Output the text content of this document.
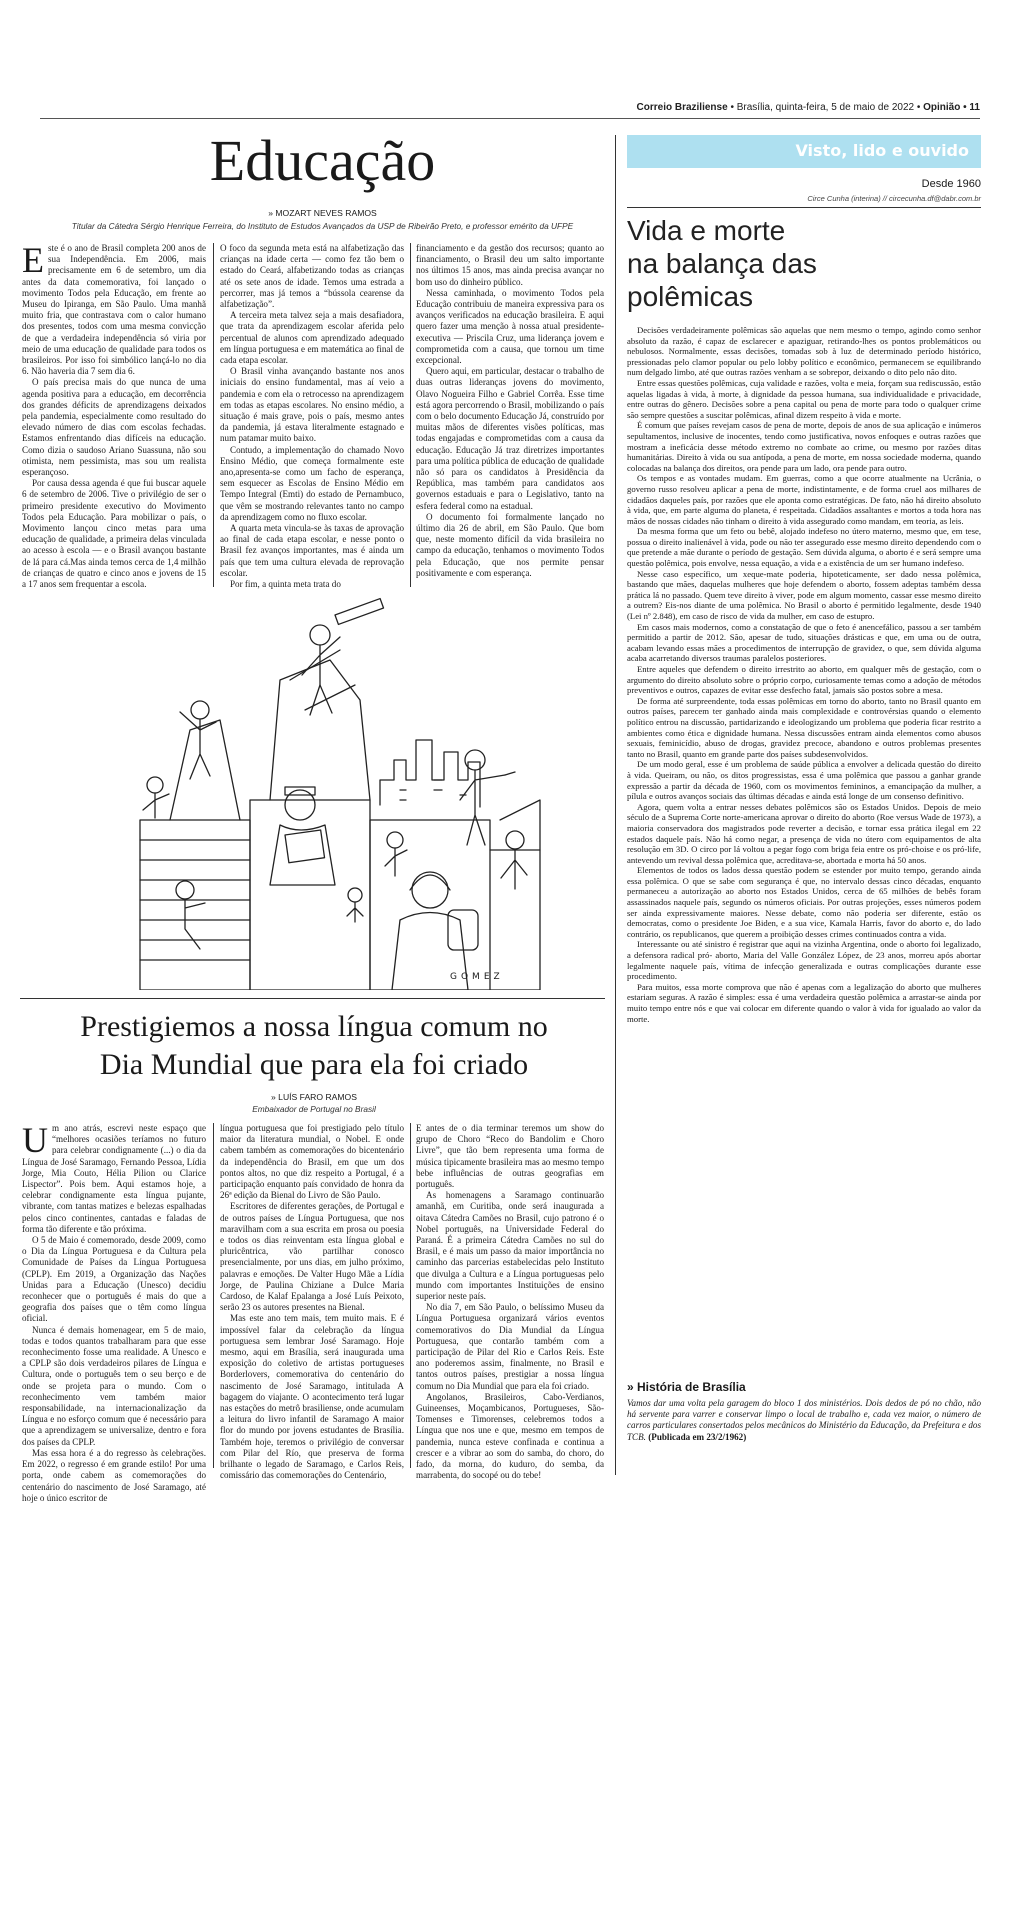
Correio Braziliense • Brasília, quinta-feira, 5 de maio de 2022 • Opinião • 11
Educação
» MOZART NEVES RAMOS
Titular da Cátedra Sérgio Henrique Ferreira, do Instituto de Estudos Avançados da USP de Ribeirão Preto, e professor emérito da UFPE
E ste é o ano de Brasil completa 200 anos de sua Independência. Em 2006, mais precisamente em 6 de setembro, um dia antes da data comemorativa, foi lançado o movimento Todos pela Educação, em frente ao Museu do Ipiranga, em São Paulo. Uma manhã muito fria, que contrastava com o calor humano dos presentes, todos com uma mesma convicção de que a verdadeira independência só viria por meio de uma educação de qualidade para todos os brasileiros. Por isso foi simbólico lançá-lo no dia 6. Não haveria dia 7 sem dia 6.

O país precisa mais do que nunca de uma agenda positiva para a educação, em decorrência dos grandes déficits de aprendizagens deixados pela pandemia, especialmente como resultado do elevado número de dias com escolas fechadas. Estamos enfrentando dias difíceis na educação. Como dizia o saudoso Ariano Suassuna, não sou otimista, nem pessimista, mas sou um realista esperançoso.

Por causa dessa agenda é que fui buscar aquele 6 de setembro de 2006. Tive o privilégio de ser o primeiro presidente executivo do Movimento Todos pela Educação. Para mobilizar o país, o Movimento lançou cinco metas para uma educação de qualidade, a primeira delas vinculada ao acesso à escola — e o Brasil avançou bastante de lá para cá.Mas ainda temos cerca de 1,4 milhão de crianças de quatro e cinco anos e jovens de 15 a 17 anos sem frequentar a escola.

O foco da segunda meta está na alfabetização das crianças na idade certa — como fez tão bem o estado do Ceará, alfabetizando todas as crianças até os sete anos de idade. Temos uma estrada a percorrer, mas já temos a “bússola cearense da alfabetização”.

A terceira meta talvez seja a mais desafiadora, que trata da aprendizagem escolar aferida pelo percentual de alunos com aprendizado adequado em língua portuguesa e em matemática ao final de cada etapa escolar.

O Brasil vinha avançando bastante nos anos iniciais do ensino fundamental, mas aí veio a pandemia e com ela o retrocesso na aprendizagem em todas as etapas escolares. No ensino médio, a situação é mais grave, pois o país, mesmo antes da pandemia, já estava literalmente estagnado e num patamar muito baixo.

Contudo, a implementação do chamado Novo Ensino Médio, que começa formalmente este ano,apresenta-se como um facho de esperança, sem esquecer as Escolas de Ensino Médio em Tempo Integral (Emti) do estado de Pernambuco, que vêm se mostrando relevantes tanto no campo da aprendizagem como no fluxo escolar.

A quarta meta vincula-se às taxas de aprovação ao final de cada etapa escolar, e nesse ponto o Brasil fez avanços importantes, mas é ainda um país que tem uma cultura elevada de reprovação escolar.

Por fim, a quinta meta trata do

financiamento e da gestão dos recursos; quanto ao financiamento, o Brasil deu um salto importante nos últimos 15 anos, mas ainda precisa avançar no bom uso do dinheiro público.

Nessa caminhada, o movimento Todos pela Educação contribuiu de maneira expressiva para os avanços verificados na educação brasileira. E aqui quero fazer uma menção à nossa atual presidente-executiva — Priscila Cruz, uma liderança jovem e comprometida com a causa, que tornou um time excepcional.

Quero aqui, em particular, destacar o trabalho de duas outras lideranças jovens do movimento, Olavo Nogueira Filho e Gabriel Corrêa. Esse time está agora percorrendo o Brasil, mobilizando o país com o belo documento Educação Já, construído por muitas mãos de diferentes visões políticas, mas todas engajadas e comprometidas com a causa da educação. Educação Já traz diretrizes importantes para uma política pública de educação de qualidade não só para os candidatos à Presidência da República, mas também para candidatos aos governos estaduais e para o Legislativo, tanto na esfera federal como na estadual.

O documento foi formalmente lançado no último dia 26 de abril, em São Paulo. Que bom que, neste momento difícil da vida brasileira no campo da educação, tenhamos o movimento Todos pela Educação, que nos permite pensar positivamente e com esperança.

GOMEZ
Prestigiemos a nossa língua comum no
Dia Mundial que para ela foi criado
» LUÍS FARO RAMOS
Embaixador de Portugal no Brasil
U m ano atrás, escrevi neste espaço que “melhores ocasiões teríamos no futuro para celebrar condignamente (...) o dia da Língua de José Saramago, Fernando Pessoa, Lídia Jorge, Mia Couto, Hélia Pilion ou Clarice Lispector”. Pois bem. Aqui estamos hoje, a celebrar condignamente esta língua pujante, vibrante, com tantas matizes e belezas espalhadas pelos cinco continentes, cantadas e faladas de forma tão diferente e tão próxima.

O 5 de Maio é comemorado, desde 2009, como o Dia da Língua Portuguesa e da Cultura pela Comunidade de Países da Língua Portuguesa (CPLP). Em 2019, a Organização das Nações Unidas para a Educação (Unesco) decidiu reconhecer que o português é mais do que a geografia dos países que o têm como língua oficial.

Nunca é demais homenagear, em 5 de maio, todas e todos quantos trabalharam para que esse reconhecimento fosse uma realidade. A Unesco e a CPLP são dois verdadeiros pilares de Língua e Cultura, onde o português tem o seu berço e de onde se projeta para o mundo. Com o reconhecimento vem também maior responsabilidade, na internacionalização da Língua e no esforço comum que é necessário para que a aprendizagem se universalize, dentro e fora dos países da CPLP.

Mas essa hora é a do regresso às celebrações. Em 2022, o regresso é em grande estilo! Por uma porta, onde cabem as comemorações do centenário do nascimento de José Saramago, até hoje o único escritor de

língua portuguesa que foi prestigiado pelo título maior da literatura mundial, o Nobel. E onde cabem também as comemorações do bicentenário da independência do Brasil, em que um dos pontos altos, no que diz respeito a Portugal, é a participação enquanto país convidado de honra da 26ª edição da Bienal do Livro de São Paulo.

Escritores de diferentes gerações, de Portugal e de outros países de Língua Portuguesa, que nos maravilham com a sua escrita em prosa ou poesia e todos os dias reinventam esta língua global e pluricêntrica, vão partilhar conosco presencialmente, por uns dias, em julho próximo, palavras e emoções. De Valter Hugo Mãe a Lídia Jorge, de Paulina Chiziane a Dulce Maria Cardoso, de Kalaf Epalanga a José Luís Peixoto, serão 23 os autores presentes na Bienal.

Mas este ano tem mais, tem muito mais. E é impossível falar da celebração da língua portuguesa sem lembrar José Saramago. Hoje mesmo, aqui em Brasília, será inaugurada uma exposição do coletivo de artistas portugueses Borderlovers, comemorativa do centenário do nascimento de José Saramago, intitulada A bagagem do viajante. O acontecimento terá lugar nas estações do metrô brasiliense, onde acumulam a leitura do livro infantil de Saramago A maior flor do mundo por jovens estudantes de Brasília. Também hoje, teremos o privilégio de conversar com Pilar del Río, que preserva de forma brilhante o legado de Saramago, e Carlos Reis, comissário das comemorações do Centenário,

E antes de o dia terminar teremos um show do grupo de Choro “Reco do Bandolim e Choro Livre”, que tão bem representa uma forma de música tipicamente brasileira mas ao mesmo tempo bebe influências de outras geografias em português.

As homenagens a Saramago continuarão amanhã, em Curitiba, onde será inaugurada a oitava Cátedra Camões no Brasil, cujo patrono é o Nobel português, na Universidade Federal do Paraná. É a primeira Cátedra Camões no sul do Brasil, e é mais um passo da maior importância no caminho das parcerias estabelecidas pelo Instituto que divulga a Cultura e a Língua portuguesas pelo mundo com importantes Instituições de ensino superior neste país.

No dia 7, em São Paulo, o belíssimo Museu da Língua Portuguesa organizará vários eventos comemorativos do Dia Mundial da Língua Portuguesa, que contarão também com a participação de Pilar del Rio e Carlos Reis. Este ano poderemos assim, finalmente, no Brasil e tantos outros países, prestigiar a nossa língua comum no Dia Mundial que para ela foi criado.

Angolanos, Brasileiros, Cabo-Verdianos, Guineenses, Moçambicanos, Portugueses, São-Tomenses e Timorenses, celebremos todos a Língua que nos une e que, mesmo em tempos de pandemia, nunca esteve confinada e continua a crescer e a vibrar ao som do samba, do choro, do fado, da morna, do kuduro, do semba, da marrabenta, do socopé ou do tebe!

Visto, lido e ouvido
Desde 1960
Circe Cunha (interina) // circecunha.df@dabr.com.br
Vida e morte
na balança das
polêmicas

Decisões verdadeiramente polêmicas são aquelas que nem mesmo o tempo, agindo como senhor absoluto da razão, é capaz de esclarecer e apaziguar, retirando-lhes os pontos problemáticos ou nebulosos. Normalmente, essas decisões, tomadas sob à luz de determinado período histórico, pressionadas pelo clamor popular ou pelo lobby político e econômico, permanecem se equilibrando num delgado limbo, até que outras razões venham a se sobrepor, deixando o dito pelo não dito.

Entre essas questões polêmicas, cuja validade e razões, volta e meia, forçam sua rediscussão, estão aquelas ligadas à vida, à morte, à dignidade da pessoa humana, sua individualidade e privacidade, entre outras do gênero. Decisões sobre a pena capital ou pena de morte para todo o qualquer crime são sempre questões a suscitar polêmicas, afinal dizem respeito à vida e morte.

É comum que países revejam casos de pena de morte, depois de anos de sua aplicação e inúmeros sepultamentos, inclusive de inocentes, tendo como justificativa, novos enfoques e outras razões que mostram a ineficácia desse método extremo no combate ao crime, ou mesmo por razões ditas humanitárias. Direito à vida ou sua antípoda, a pena de morte, em nossa sociedade moderna, quando colocadas na balança dos direitos, ora pende para um lado, ora pende para outro.

Os tempos e as vontades mudam. Em guerras, como a que ocorre atualmente na Ucrânia, o governo russo resolveu aplicar a pena de morte, indistintamente, e de forma cruel aos milhares de cidadãos daqueles país, por razões que ele aponta como estratégicas. De fato, não há direito absoluto à vida, que, em parte alguma do planeta, é respeitada. Cidadãos assaltantes e mortos a toda hora nas mãos de nossas cidades não tinham o direito à vida assegurado como mandam, em teoria, as leis.

Da mesma forma que um feto ou bebê, alojado indefeso no útero materno, mesmo que, em tese, possua o direito inalienável à vida, pode ou não ter assegurado esse mesmo direito dependendo com o que pretende a mãe durante o período de gestação. Sem dúvida alguma, o aborto é e será sempre uma questão polêmica, pois envolve, nessa equação, a vida e a existência de um ser humano indefeso.

Nesse caso específico, um xeque-mate poderia, hipoteticamente, ser dado nessa polêmica, bastando que mães, daquelas mulheres que hoje defendem o aborto, fossem adeptas também dessa prática lá no passado. Quem teve direito à viver, pode em algum momento, cassar esse mesmo direito a outrem? Eis-nos diante de uma polêmica. No Brasil o aborto é permitido legalmente, desde 1940 (Lei nº 2.848), em caso de risco de vida da mulher, em caso de estupro.

Em casos mais modernos, como a constatação de que o feto é anencefálico, passou a ser também permitido a partir de 2012. São, apesar de tudo, situações drásticas e que, em uma ou de outra, acabam levando essas mães a procedimentos de interrupção de gravidez, o que, sem dúvida alguma acaba acarretando diversos traumas paralelos posteriores.

Entre aqueles que defendem o direito irrestrito ao aborto, em qualquer mês de gestação, com o argumento do direito absoluto sobre o próprio corpo, curiosamente temas como a adoção de métodos preventivos e outros, capazes de evitar esse desfecho fatal, jamais são postos sobre a mesa.

De forma até surpreendente, toda essas polêmicas em torno do aborto, tanto no Brasil quanto em outros países, parecem ter ganhado ainda mais complexidade e controvérsias quando o elemento político entrou na discussão, partidarizando e ideologizando um problema que poderia ficar restrito a ambientes como ética e dignidade humana. Nessa discussões entram ainda elementos como abusos sexuais, feminicídio, abuso de drogas, gravidez precoce, abandono e outros problemas presentes tanto no Brasil, quanto em grande parte dos países subdesenvolvidos.

De um modo geral, esse é um problema de saúde pública a envolver a delicada questão do direito à vida. Queiram, ou não, os ditos progressistas, essa é uma polêmica que passou a ganhar grande expressão a partir da década de 1960, com os movimentos femininos, a emancipação da mulher, a pílula e outros avanços sociais das últimas décadas e ainda está longe de um consenso definitivo.

Agora, quem volta a entrar nesses debates polêmicos são os Estados Unidos. Depois de meio século de a Suprema Corte norte-americana aprovar o direito do aborto (Roe versus Wade de 1973), a maioria conservadora dos magistrados pode reverter a decisão, e tornar essa prática ilegal em 22 estados daquele país. Não há como negar, a presença de vida no útero com equipamentos de alta resolução em 3D. O circo por lá voltou a pegar fogo com briga feia entre os pró-choise e os pró-life, antevendo um revival dessa polêmica que, acreditava-se, abortada e morta há 50 anos.

Elementos de todos os lados dessa questão podem se estender por muito tempo, gerando ainda essa polêmica. O que se sabe com segurança é que, no intervalo dessas cinco décadas, enquanto permaneceu a autorização ao aborto nos Estados Unidos, cerca de 65 milhões de bebês foram assassinados naquele país, segundo os números oficiais. Por outras projeções, esses números podem ser ainda expressivamente maiores. Nesse debate, como não poderia ser diferente, estão os democratas, como o presidente Joe Biden, e a sua vice, Kamala Harris, favor do aborto e, do lado contrário, os republicanos, que querem a proibição desses crimes continuados contra a vida.

Interessante ou até sinistro é registrar que aqui na vizinha Argentina, onde o aborto foi legalizado, a defensora radical pró- aborto, Maria del Valle González López, de 23 anos, morreu após abortar legalmente naquele país, vítima de infecção generalizada e outras complicações durante esse procedimento.

Para muitos, essa morte comprova que não é apenas com a legalização do aborto que mulheres estariam seguras. A razão é simples: essa é uma verdadeira questão polêmica a arrastar-se ainda por muito tempo entre nós e que vai colocar em diferente quando o valor à vida for igualado ao valor da morte.

» História de Brasília
Vamos dar uma volta pela garagem do bloco 1 dos ministérios. Dois dedos de pó no chão, não há servente para varrer e conservar limpo o local de trabalho e, cada vez maior, o número de carros particulares consertados pelos mecânicos do Ministério da Educação, da Prefeitura e dos TCB. (Publicada em 23/2/1962)
